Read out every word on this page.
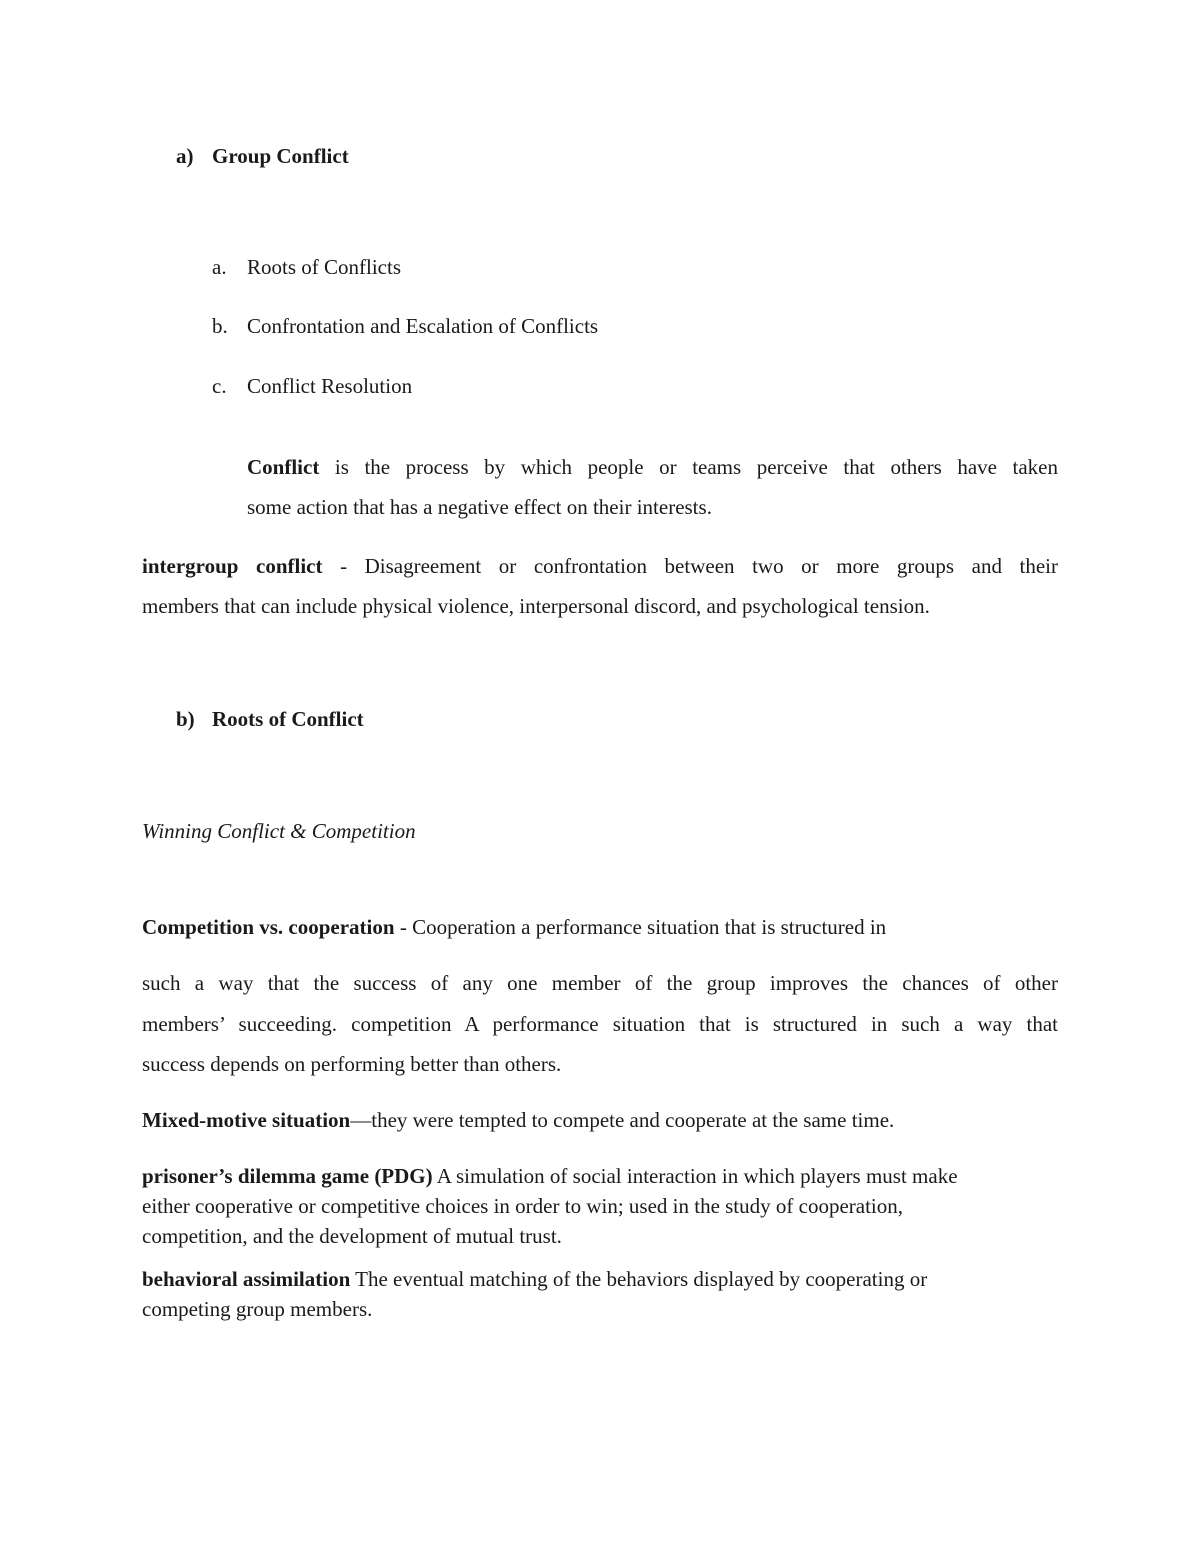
a) Group Conflict
a. Roots of Conflicts
b. Confrontation and Escalation of Conflicts
c. Conflict Resolution
Conflict is the process by which people or teams perceive that others have taken
some action that has a negative effect on their interests.
intergroup conflict - Disagreement or confrontation between two or more groups and their
members that can include physical violence, interpersonal discord, and psychological tension.
b) Roots of Conflict
Winning Conflict & Competition
Competition vs. cooperation - Cooperation a performance situation that is structured in
such a way that the success of any one member of the group improves the chances of other
members’ succeeding. competition A performance situation that is structured in such a way that
success depends on performing better than others.
Mixed-motive situation—they were tempted to compete and cooperate at the same time.
prisoner’s dilemma game (PDG) A simulation of social interaction in which players must make
either cooperative or competitive choices in order to win; used in the study of cooperation,
competition, and the development of mutual trust.
behavioral assimilation The eventual matching of the behaviors displayed by cooperating or
competing group members.
